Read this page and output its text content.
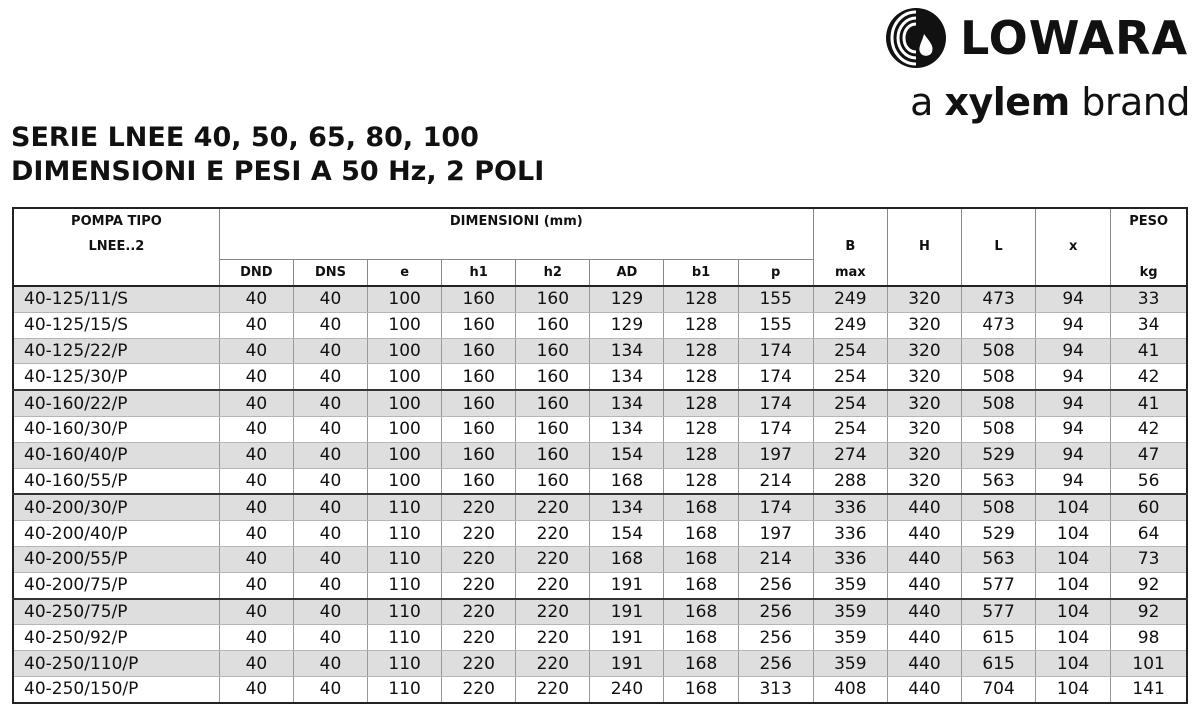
LOWARA
a xylem brand
SERIE LNEE 40, 50, 65, 80, 100
DIMENSIONI E PESI A 50 Hz, 2 POLI
POMPA TIPO	DIMENSIONI (mm)												PESO
LNEE..2									B	H	L	x	
	DND	DNS	e	h1	h2	AD	b1	p	max				kg
40-125/11/S	40	40	100	160	160	129	128	155	249	320	473	94	33
40-125/15/S	40	40	100	160	160	129	128	155	249	320	473	94	34
40-125/22/P	40	40	100	160	160	134	128	174	254	320	508	94	41
40-125/30/P	40	40	100	160	160	134	128	174	254	320	508	94	42
40-160/22/P	40	40	100	160	160	134	128	174	254	320	508	94	41
40-160/30/P	40	40	100	160	160	134	128	174	254	320	508	94	42
40-160/40/P	40	40	100	160	160	154	128	197	274	320	529	94	47
40-160/55/P	40	40	100	160	160	168	128	214	288	320	563	94	56
40-200/30/P	40	40	110	220	220	134	168	174	336	440	508	104	60
40-200/40/P	40	40	110	220	220	154	168	197	336	440	529	104	64
40-200/55/P	40	40	110	220	220	168	168	214	336	440	563	104	73
40-200/75/P	40	40	110	220	220	191	168	256	359	440	577	104	92
40-250/75/P	40	40	110	220	220	191	168	256	359	440	577	104	92
40-250/92/P	40	40	110	220	220	191	168	256	359	440	615	104	98
40-250/110/P	40	40	110	220	220	191	168	256	359	440	615	104	101
40-250/150/P	40	40	110	220	220	240	168	313	408	440	704	104	141
